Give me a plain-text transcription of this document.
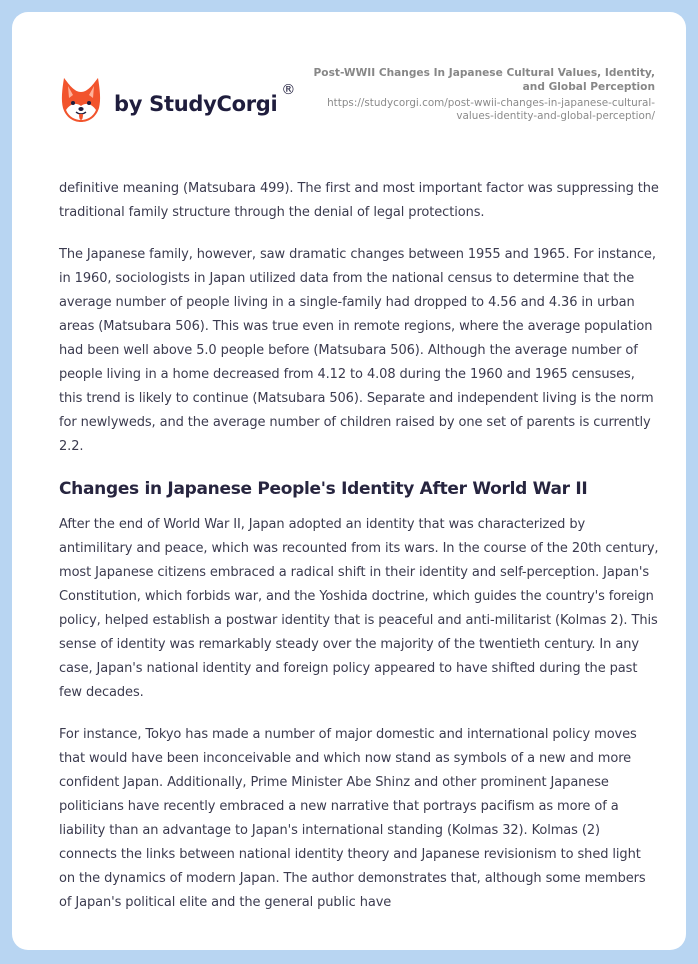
by StudyCorgi
®
Post-WWII Changes In Japanese Cultural Values, Identity, and Global Perception
https://studycorgi.com/post-wwii-changes-in-japanese-cultural-values-identity-and-global-perception/

definitive meaning (Matsubara 499). The first and most important factor was suppressing the traditional family structure through the denial of legal protections.

The Japanese family, however, saw dramatic changes between 1955 and 1965. For instance, in 1960, sociologists in Japan utilized data from the national census to determine that the average number of people living in a single-family had dropped to 4.56 and 4.36 in urban areas (Matsubara 506). This was true even in remote regions, where the average population had been well above 5.0 people before (Matsubara 506). Although the average number of people living in a home decreased from 4.12 to 4.08 during the 1960 and 1965 censuses, this trend is likely to continue (Matsubara 506). Separate and independent living is the norm for newlyweds, and the average number of children raised by one set of parents is currently 2.2.

Changes in Japanese People's Identity After World War II

After the end of World War II, Japan adopted an identity that was characterized by antimilitary and peace, which was recounted from its wars. In the course of the 20th century, most Japanese citizens embraced a radical shift in their identity and self-perception. Japan's Constitution, which forbids war, and the Yoshida doctrine, which guides the country's foreign policy, helped establish a postwar identity that is peaceful and anti-militarist (Kolmas 2). This sense of identity was remarkably steady over the majority of the twentieth century. In any case, Japan's national identity and foreign policy appeared to have shifted during the past few decades.

For instance, Tokyo has made a number of major domestic and international policy moves that would have been inconceivable and which now stand as symbols of a new and more confident Japan. Additionally, Prime Minister Abe Shinz and other prominent Japanese politicians have recently embraced a new narrative that portrays pacifism as more of a liability than an advantage to Japan's international standing (Kolmas 32). Kolmas (2) connects the links between national identity theory and Japanese revisionism to shed light on the dynamics of modern Japan. The author demonstrates that, although some members of Japan's political elite and the general public have
